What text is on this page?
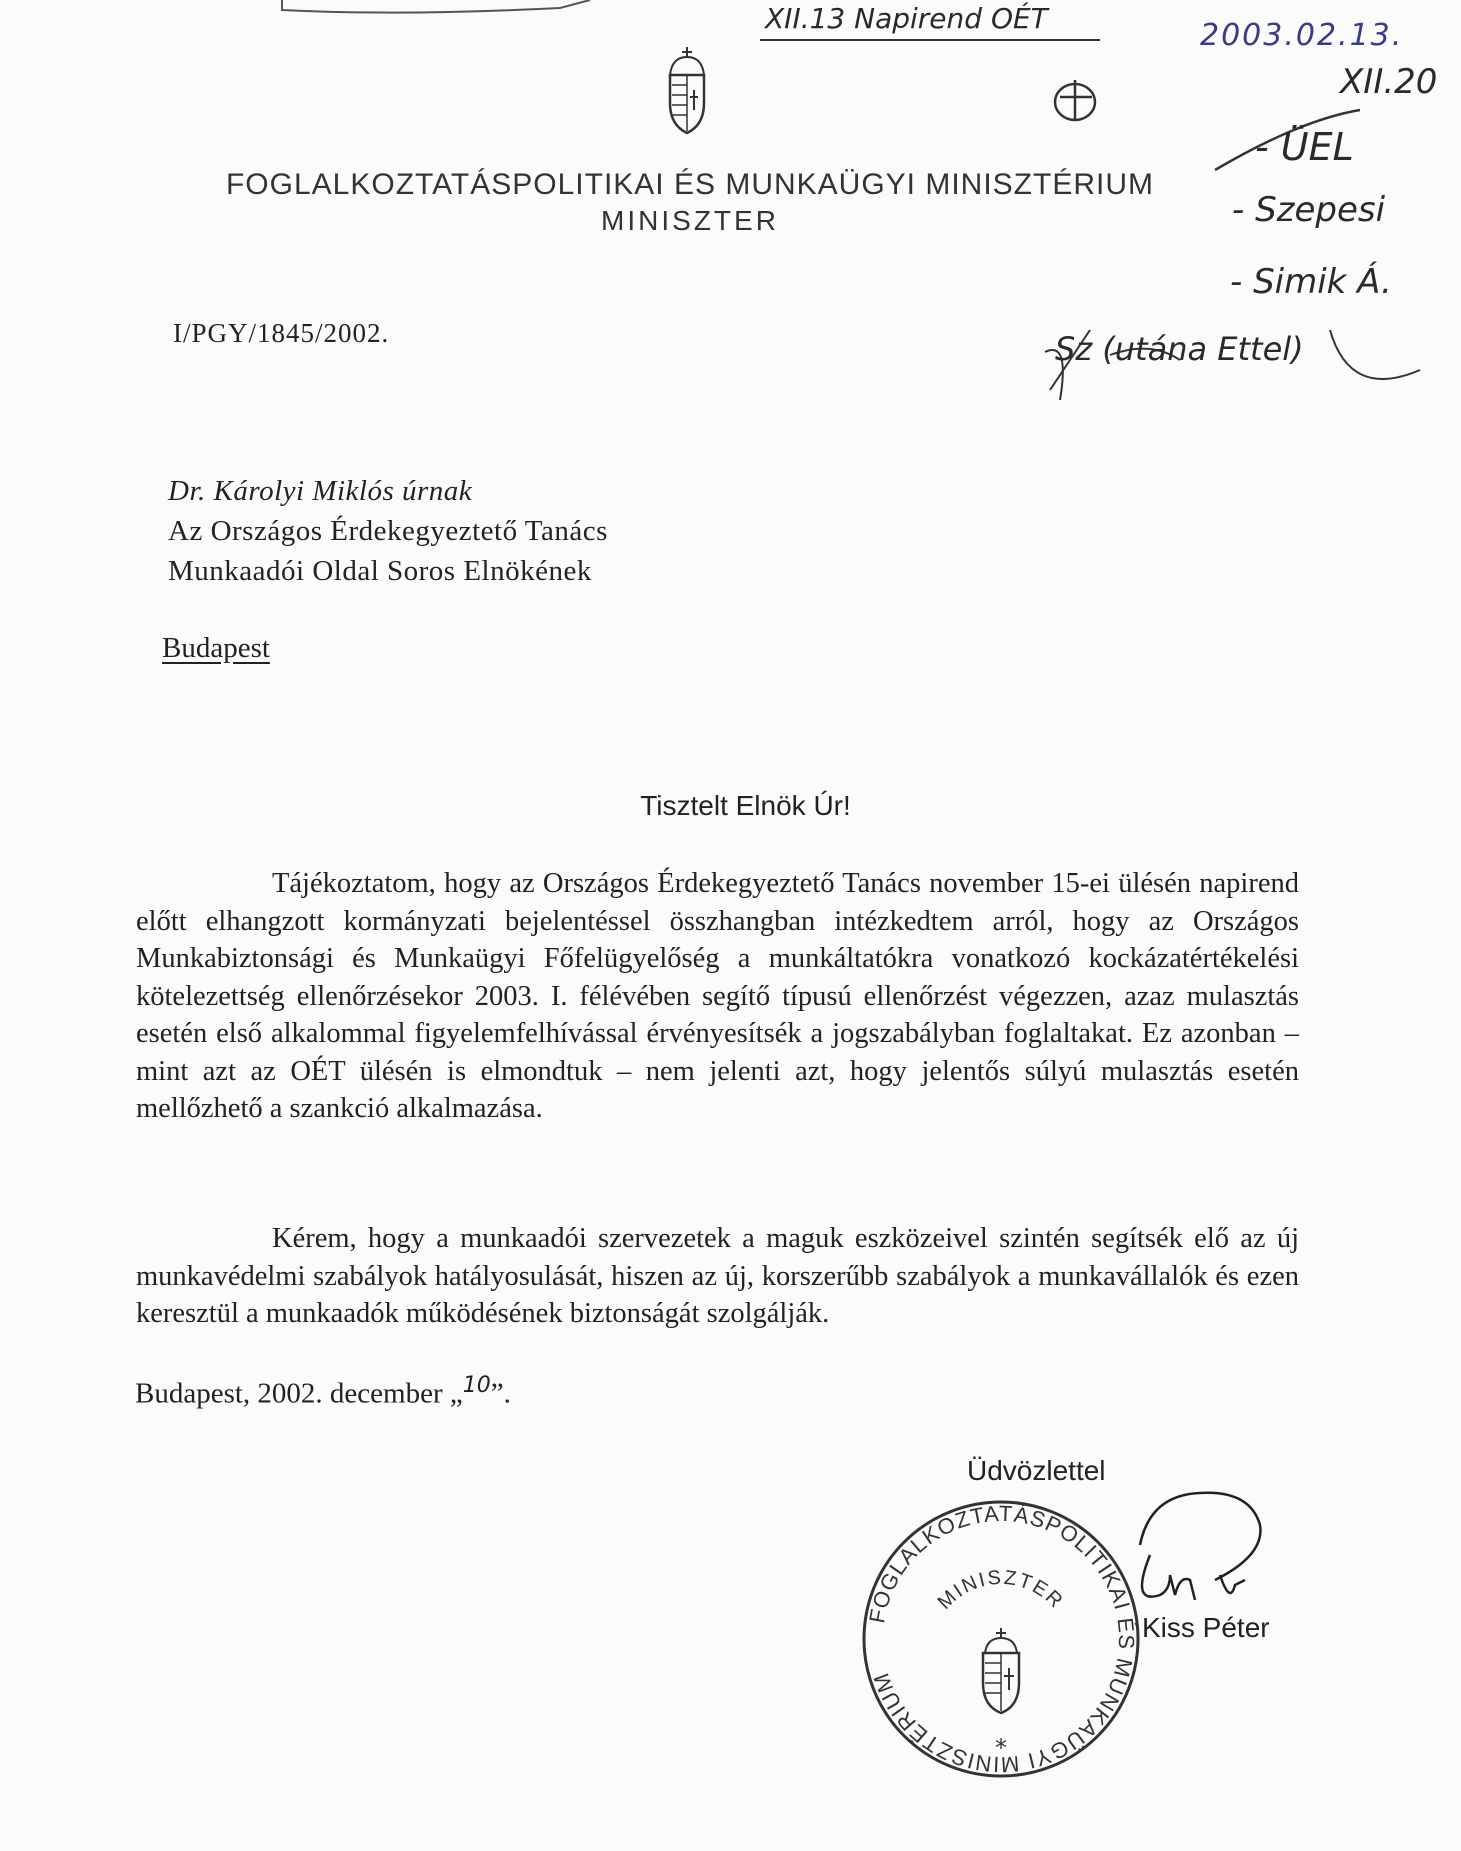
XII.13 Napirend OÉT	2003.02.13.
XII.20
- ÜEL
- Szepesi
- Simik Á.
Sz (utána Ettel)
FOGLALKOZTATÁSPOLITIKAI ÉS MUNKAÜGYI MINISZTÉRIUM
MINISZTER
I/PGY/1845/2002.
Dr. Károlyi Miklós úrnak
Az Országos Érdekegyeztető Tanács
Munkaadói Oldal Soros Elnökének
Budapest
Tisztelt Elnök Úr!
Tájékoztatom, hogy az Országos Érdekegyeztető Tanács november 15-ei ülésén napirend előtt elhangzott kormányzati bejelentéssel összhangban intézkedtem arról, hogy az Országos Munkabiztonsági és Munkaügyi Főfelügyelőség a munkáltatókra vonatkozó kockázatértékelési kötelezettség ellenőrzésekor 2003. I. félévében segítő típusú ellenőrzést végezzen, azaz mulasztás esetén első alkalommal figyelemfelhívással érvényesítsék a jogszabályban foglaltakat. Ez azonban – mint azt az OÉT ülésén is elmondtuk – nem jelenti azt, hogy jelentős súlyú mulasztás esetén mellőzhető a szankció alkalmazása.
Kérem, hogy a munkaadói szervezetek a maguk eszközeivel szintén segítsék elő az új munkavédelmi szabályok hatályosulását, hiszen az új, korszerűbb szabályok a munkavállalók és ezen keresztül a munkaadók működésének biztonságát szolgálják.
Budapest, 2002. december „$^{10}$”.
Üdvözlettel
FOGLALKOZTATÁSPOLITIKAI ÉS MUNKAÜGYI MINISZTÉRIUM
MINISZTER
*
Kiss Péter
